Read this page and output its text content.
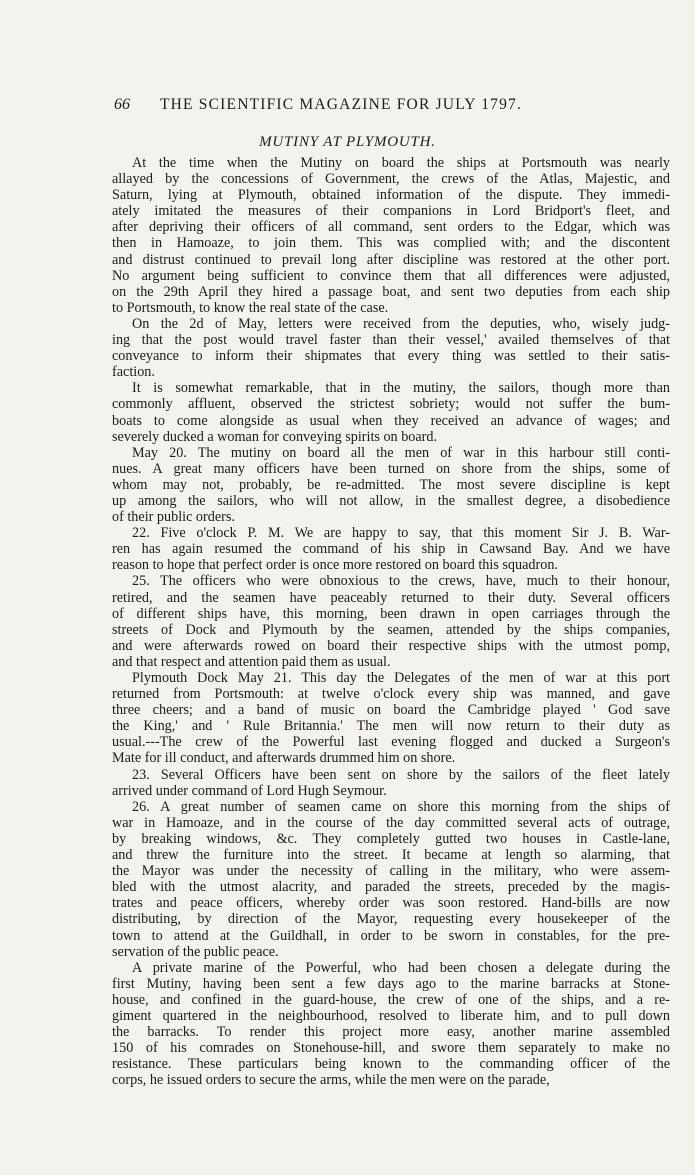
66 THE SCIENTIFIC MAGAZINE FOR JULY 1797.
MUTINY AT PLYMOUTH.
At the time when the Mutiny on board the ships at Portsmouth was nearly
allayed by the concessions of Government, the crews of the Atlas, Majestic, and
Saturn, lying at Plymouth, obtained information of the dispute. They immedi-
ately imitated the measures of their companions in Lord Bridport's fleet, and
after depriving their officers of all command, sent orders to the Edgar, which was
then in Hamoaze, to join them. This was complied with; and the discontent
and distrust continued to prevail long after discipline was restored at the other port.
No argument being sufficient to convince them that all differences were adjusted,
on the 29th April they hired a passage boat, and sent two deputies from each ship
to Portsmouth, to know the real state of the case.
On the 2d of May, letters were received from the deputies, who, wisely judg-
ing that the post would travel faster than their vessel,' availed themselves of that
conveyance to inform their shipmates that every thing was settled to their satis-
faction.
It is somewhat remarkable, that in the mutiny, the sailors, though more than
commonly affluent, observed the strictest sobriety; would not suffer the bum-
boats to come alongside as usual when they received an advance of wages; and
severely ducked a woman for conveying spirits on board.
May 20. The mutiny on board all the men of war in this harbour still conti-
nues. A great many officers have been turned on shore from the ships, some of
whom may not, probably, be re-admitted. The most severe discipline is kept
up among the sailors, who will not allow, in the smallest degree, a disobedience
of their public orders.
22. Five o'clock P. M. We are happy to say, that this moment Sir J. B. War-
ren has again resumed the command of his ship in Cawsand Bay. And we have
reason to hope that perfect order is once more restored on board this squadron.
25. The officers who were obnoxious to the crews, have, much to their honour,
retired, and the seamen have peaceably returned to their duty. Several officers
of different ships have, this morning, been drawn in open carriages through the
streets of Dock and Plymouth by the seamen, attended by the ships companies,
and were afterwards rowed on board their respective ships with the utmost pomp,
and that respect and attention paid them as usual.
Plymouth Dock May 21. This day the Delegates of the men of war at this port
returned from Portsmouth: at twelve o'clock every ship was manned, and gave
three cheers; and a band of music on board the Cambridge played ' God save
the King,' and ' Rule Britannia.' The men will now return to their duty as
usual.---The crew of the Powerful last evening flogged and ducked a Surgeon's
Mate for ill conduct, and afterwards drummed him on shore.
23. Several Officers have been sent on shore by the sailors of the fleet lately
arrived under command of Lord Hugh Seymour.
26. A great number of seamen came on shore this morning from the ships of
war in Hamoaze, and in the course of the day committed several acts of outrage,
by breaking windows, &c. They completely gutted two houses in Castle-lane,
and threw the furniture into the street. It became at length so alarming, that
the Mayor was under the necessity of calling in the military, who were assem-
bled with the utmost alacrity, and paraded the streets, preceded by the magis-
trates and peace officers, whereby order was soon restored. Hand-bills are now
distributing, by direction of the Mayor, requesting every housekeeper of the
town to attend at the Guildhall, in order to be sworn in constables, for the pre-
servation of the public peace.
A private marine of the Powerful, who had been chosen a delegate during the
first Mutiny, having been sent a few days ago to the marine barracks at Stone-
house, and confined in the guard-house, the crew of one of the ships, and a re-
giment quartered in the neighbourhood, resolved to liberate him, and to pull down
the barracks. To render this project more easy, another marine assembled
150 of his comrades on Stonehouse-hill, and swore them separately to make no
resistance. These particulars being known to the commanding officer of the
corps, he issued orders to secure the arms, while the men were on the parade,
